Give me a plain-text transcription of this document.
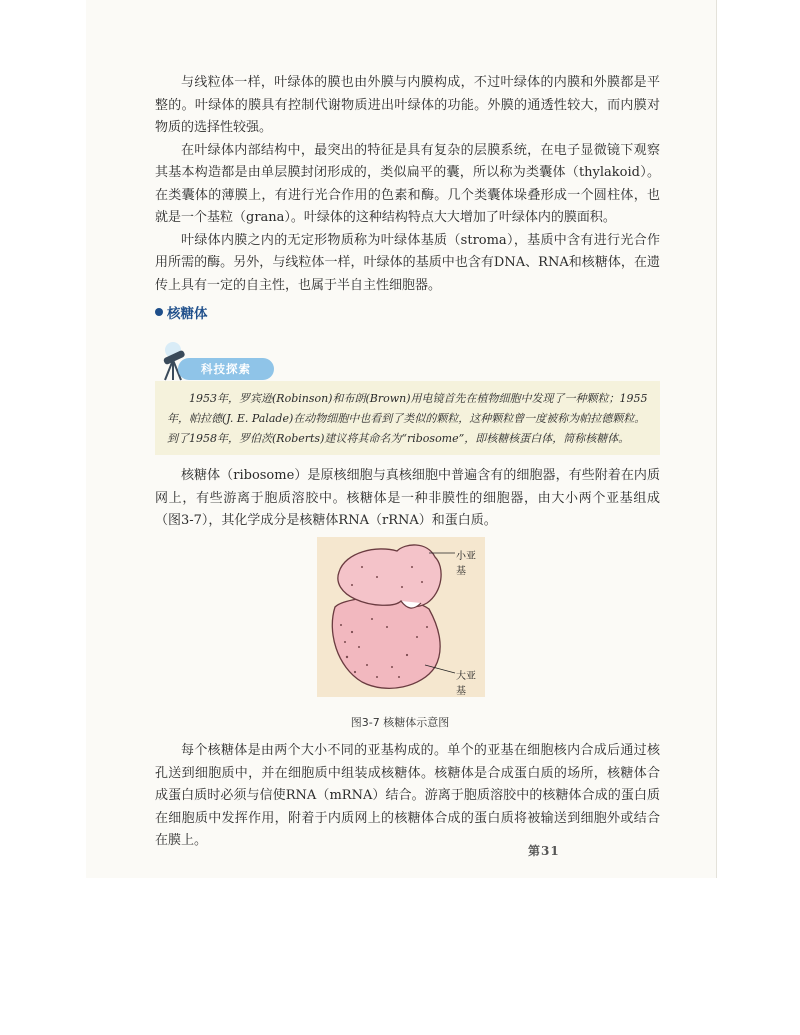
与线粒体一样，叶绿体的膜也由外膜与内膜构成，不过叶绿体的内膜和外膜都是平整的。叶绿体的膜具有控制代谢物质进出叶绿体的功能。外膜的通透性较大，而内膜对物质的选择性较强。

在叶绿体内部结构中，最突出的特征是具有复杂的层膜系统，在电子显微镜下观察其基本构造都是由单层膜封闭形成的，类似扁平的囊，所以称为类囊体（thylakoid）。在类囊体的薄膜上，有进行光合作用的色素和酶。几个类囊体垛叠形成一个圆柱体，也就是一个基粒（grana）。叶绿体的这种结构特点大大增加了叶绿体内的膜面积。

叶绿体内膜之内的无定形物质称为叶绿体基质（stroma），基质中含有进行光合作用所需的酶。另外，与线粒体一样，叶绿体的基质中也含有DNA、RNA和核糖体，在遗传上具有一定的自主性，也属于半自主性细胞器。

核糖体
科技探索

1953年，罗宾逊(Robinson)和布朗(Brown)用电镜首先在植物细胞中发现了一种颗粒；1955年，帕拉德(J. E. Palade)在动物细胞中也看到了类似的颗粒，这种颗粒曾一度被称为帕拉德颗粒。到了1958年，罗伯茨(Roberts)建议将其命名为“ribosome”，即核糖核蛋白体，简称核糖体。

核糖体（ribosome）是原核细胞与真核细胞中普遍含有的细胞器，有些附着在内质网上，有些游离于胞质溶胶中。核糖体是一种非膜性的细胞器，由大小两个亚基组成（图3-7），其化学成分是核糖体RNA（rRNA）和蛋白质。

小亚基
大亚基
图3-7 核糖体示意图

每个核糖体是由两个大小不同的亚基构成的。单个的亚基在细胞核内合成后通过核孔送到细胞质中，并在细胞质中组装成核糖体。核糖体是合成蛋白质的场所，核糖体合成蛋白质时必须与信使RNA（mRNA）结合。游离于胞质溶胶中的核糖体合成的蛋白质在细胞质中发挥作用，附着于内质网上的核糖体合成的蛋白质将被输送到细胞外或结合在膜上。

第31
